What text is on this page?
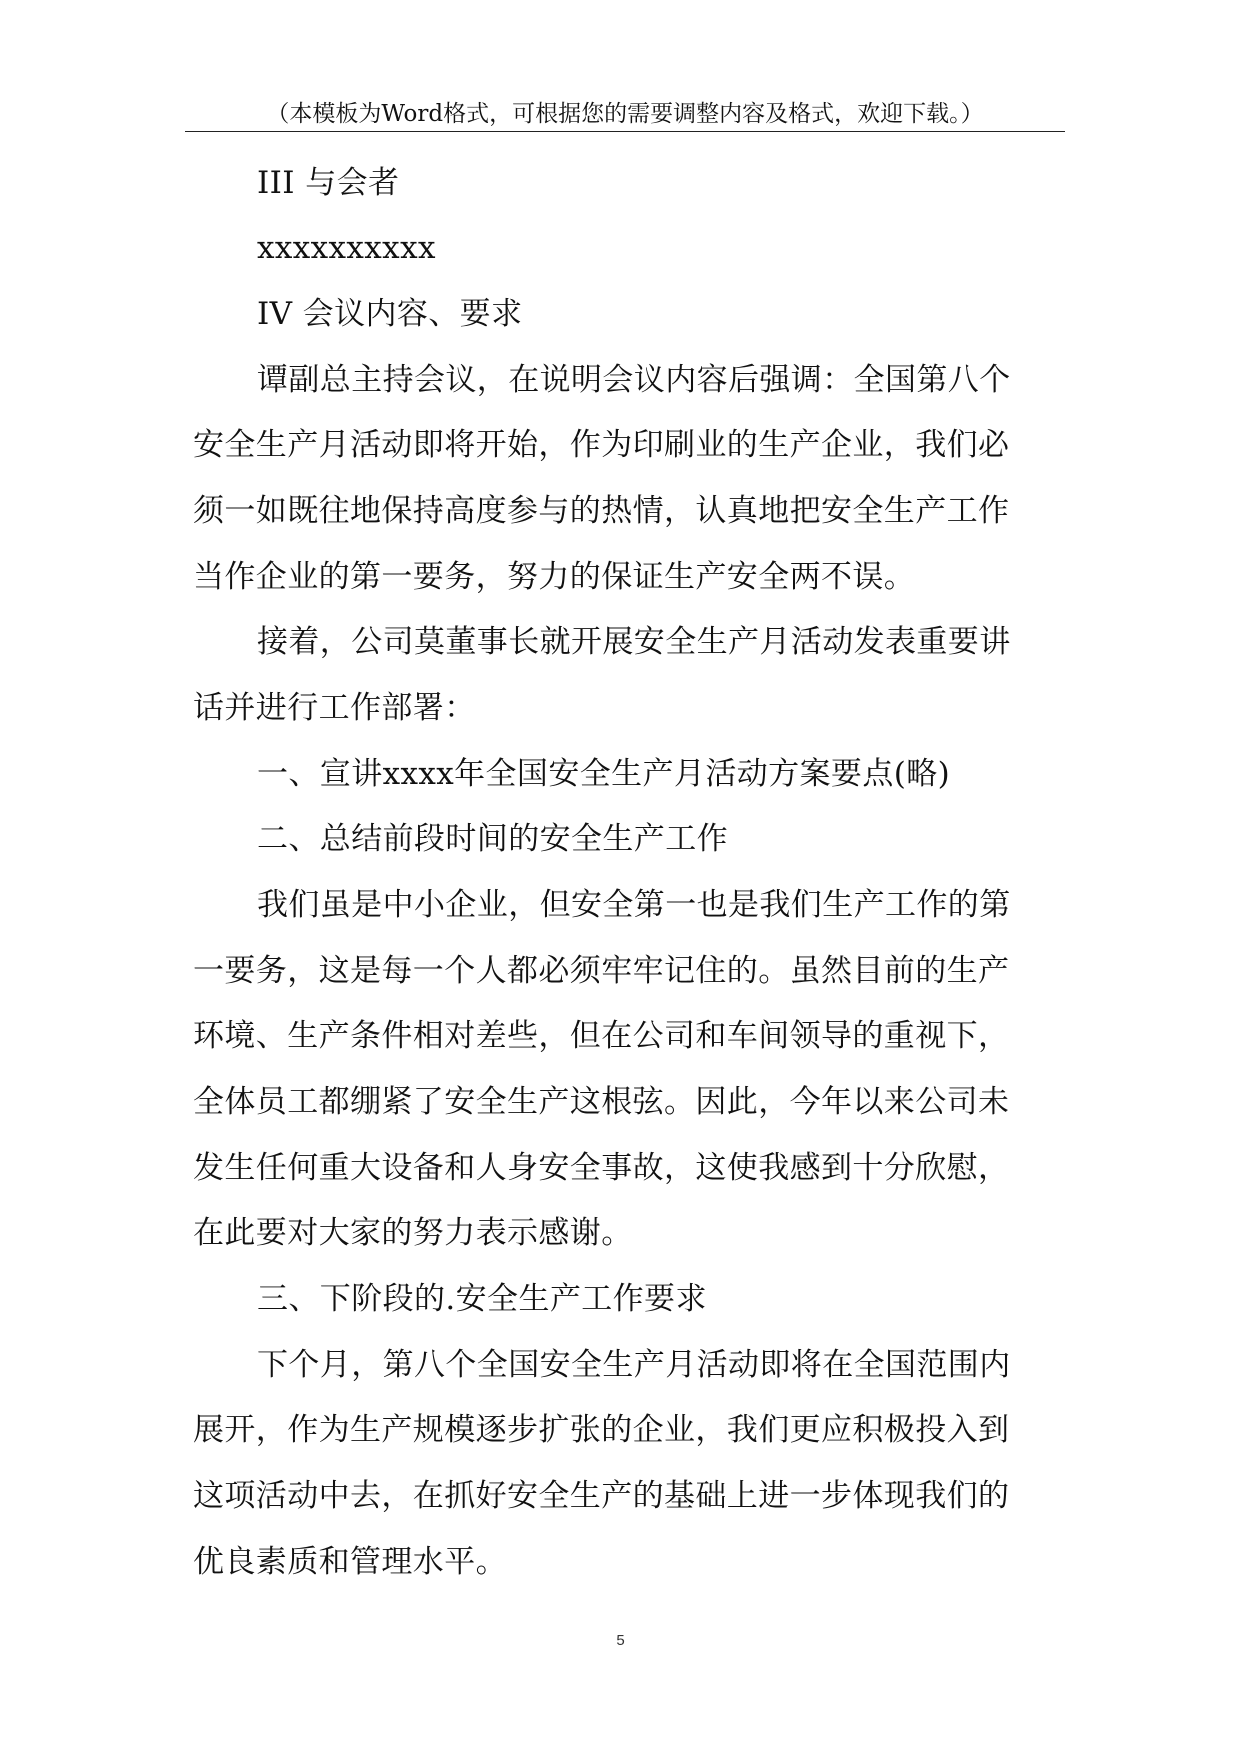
（本模板为Word格式，可根据您的需要调整内容及格式，欢迎下载。）
III 与会者
xxxxxxxxxx
IV 会议内容、要求
谭副总主持会议，在说明会议内容后强调：全国第八个
安全生产月活动即将开始，作为印刷业的生产企业，我们必
须一如既往地保持高度参与的热情，认真地把安全生产工作
当作企业的第一要务，努力的保证生产安全两不误。
接着，公司莫董事长就开展安全生产月活动发表重要讲
话并进行工作部署：
一、宣讲xxxx年全国安全生产月活动方案要点(略)
二、总结前段时间的安全生产工作
我们虽是中小企业，但安全第一也是我们生产工作的第
一要务，这是每一个人都必须牢牢记住的。虽然目前的生产
环境、生产条件相对差些，但在公司和车间领导的重视下，
全体员工都绷紧了安全生产这根弦。因此，今年以来公司未
发生任何重大设备和人身安全事故，这使我感到十分欣慰，
在此要对大家的努力表示感谢。
三、下阶段的.安全生产工作要求
下个月，第八个全国安全生产月活动即将在全国范围内
展开，作为生产规模逐步扩张的企业，我们更应积极投入到
这项活动中去，在抓好安全生产的基础上进一步体现我们的
优良素质和管理水平。
5
